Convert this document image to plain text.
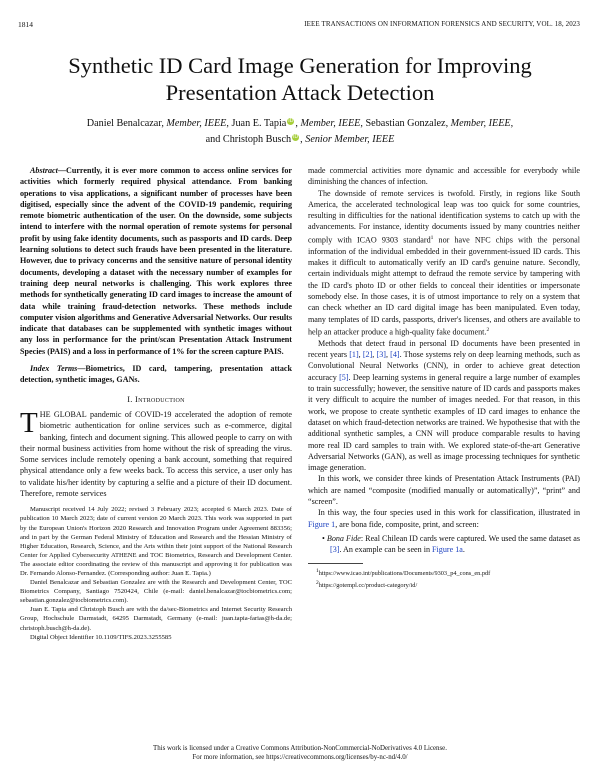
1814	IEEE TRANSACTIONS ON INFORMATION FORENSICS AND SECURITY, VOL. 18, 2023
Synthetic ID Card Image Generation for Improving
Presentation Attack Detection
Daniel Benalcazar, Member, IEEE, Juan E. Tapia iD , Member, IEEE, Sebastian Gonzalez, Member, IEEE,
and Christoph Busch iD , Senior Member, IEEE

Abstract—Currently, it is ever more common to access online services for activities which formerly required physical attendance. From banking operations to visa applications, a significant number of processes have been digitised, especially since the advent of the COVID-19 pandemic, requiring remote biometric authentication of the user. On the downside, some subjects intend to interfere with the normal operation of remote systems for personal profit by using fake identity documents, such as passports and ID cards. Deep learning solutions to detect such frauds have been presented in the literature. However, due to privacy concerns and the sensitive nature of personal identity documents, developing a dataset with the necessary number of examples for training deep neural networks is challenging. This work explores three methods for synthetically generating ID card images to increase the amount of data while training fraud-detection networks. These methods include computer vision algorithms and Generative Adversarial Networks. Our results indicate that databases can be supplemented with synthetic images without any loss in performance for the print/scan Presentation Attack Instrument Species (PAIS) and a loss in performance of 1% for the screen capture PAIS.

Index Terms—Biometrics, ID card, tampering, presentation attack detection, synthetic images, GANs.

I. Introduction

THE GLOBAL pandemic of COVID-19 accelerated the adoption of remote biometric authentication for online services such as e-commerce, digital banking, fintech and document signing. This allowed people to carry on with their normal business activities from home without the risk of spreading the virus. Some services include remotely opening a bank account, something that required physical attendance only a few weeks back. To access this service, a user only has to validate his/her identity by capturing a selfie and a picture of their ID document. Therefore, remote services

Manuscript received 14 July 2022; revised 3 February 2023; accepted 6 March 2023. Date of publication 10 March 2023; date of current version 20 March 2023. This work was supported in part by the European Union's Horizon 2020 Research and Innovation Program under Agreement 883356; and in part by the German Federal Ministry of Education and Research and the Hessian Ministry of Higher Education, Research, Science, and the Arts within their joint support of the National Research Center for Applied Cybersecurity ATHENE and TOC Biometrics, Research and Development Center. The associate editor coordinating the review of this manuscript and approving it for publication was Dr. Fernando Alonso-Fernandez. (Corresponding author: Juan E. Tapia.)

Daniel Benalcazar and Sebastian Gonzalez are with the Research and Development Center, TOC Biometrics Company, Santiago 7520424, Chile (e-mail: daniel.benalcazar@tocbiometrics.com; sebastian.gonzalez@tocbiometrics.com).

Juan E. Tapia and Christoph Busch are with the da/sec-Biometrics and Internet Security Research Group, Hochschule Darmstadt, 64295 Darmstadt, Germany (e-mail: juan.tapia-farias@h-da.de; christoph.busch@h-da.de).

Digital Object Identifier 10.1109/TIFS.2023.3255585

made commercial activities more dynamic and accessible for everybody while diminishing the chances of infection.

The downside of remote services is twofold. Firstly, in regions like South America, the accelerated technological leap was too quick for some countries, resulting in difficulties for the national identification systems to catch up with the advancements. For instance, identity documents issued by many countries neither comply with ICAO 9303 standard$^1$ nor have NFC chips with the personal information of the individual embedded in their government-issued ID cards. This makes it difficult to automatically verify an ID card's genuine nature. Secondly, certain individuals might attempt to defraud the remote service by tampering with the ID card's photo ID or other fields to conceal their identities or impersonate somebody else. In those cases, it is of utmost importance to rely on a system that can check whether an ID card digital image has been manipulated. Even today, many templates of ID cards, passports, driver's licenses, and others are available to help an attacker produce a high-quality fake document.$^2$

Methods that detect fraud in personal ID documents have been presented in recent years [1], [2], [3], [4]. Those systems rely on deep learning methods, such as Convolutional Neural Networks (CNN), in order to achieve great detection accuracy [5]. Deep learning systems in general require a large number of examples to train successfully; however, the sensitive nature of ID cards and passports makes it very difficult to acquire the number of images needed. For that reason, in this work, we propose to create synthetic examples of ID card images to enhance the dataset on which fraud-detection networks are trained. We hypothesise that with the additional synthetic samples, a CNN will produce comparable results to having more real ID card samples to train with. We explored state-of-the-art Generative Adversarial Networks (GAN), as well as image processing techniques for synthetic image generation.

In this work, we consider three kinds of Presentation Attack Instruments (PAI) which are named “composite (modified manually or automatically)”, “print” and “screen”.

In this way, the four species used in this work for classification, illustrated in Figure 1, are bona fide, composite, print, and screen:

• Bona Fide: Real Chilean ID cards were captured. We used the same dataset as [3]. An example can be seen in Figure 1a.

$^1$https://www.icao.int/publications/Documents/9303_p4_cons_en.pdf

$^2$https://gotempl.cc/product-category/id/

This work is licensed under a Creative Commons Attribution-NonCommercial-NoDerivatives 4.0 License.
For more information, see https://creativecommons.org/licenses/by-nc-nd/4.0/
